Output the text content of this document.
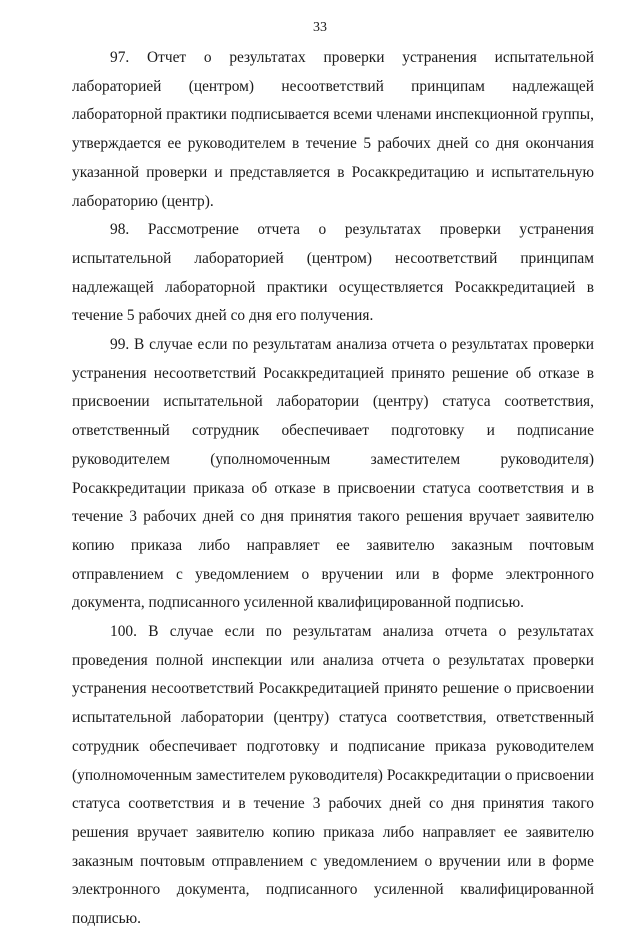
33

97. Отчет о результатах проверки устранения испытательной лабораторией (центром) несоответствий принципам надлежащей лабораторной практики подписывается всеми членами инспекционной группы, утверждается ее руководителем в течение 5 рабочих дней со дня окончания указанной проверки и представляется в Росаккредитацию и испытательную лабораторию (центр).

98. Рассмотрение отчета о результатах проверки устранения испытательной лабораторией (центром) несоответствий принципам надлежащей лабораторной практики осуществляется Росаккредитацией в течение 5 рабочих дней со дня его получения.

99. В случае если по результатам анализа отчета о результатах проверки устранения несоответствий Росаккредитацией принято решение об отказе в присвоении испытательной лаборатории (центру) статуса соответствия, ответственный сотрудник обеспечивает подготовку и подписание руководителем (уполномоченным заместителем руководителя) Росаккредитации приказа об отказе в присвоении статуса соответствия и в течение 3 рабочих дней со дня принятия такого решения вручает заявителю копию приказа либо направляет ее заявителю заказным почтовым отправлением с уведомлением о вручении или в форме электронного документа, подписанного усиленной квалифицированной подписью.

100. В случае если по результатам анализа отчета о результатах проведения полной инспекции или анализа отчета о результатах проверки устранения несоответствий Росаккредитацией принято решение о присвоении испытательной лаборатории (центру) статуса соответствия, ответственный сотрудник обеспечивает подготовку и подписание приказа руководителем (уполномоченным заместителем руководителя) Росаккредитации о присвоении статуса соответствия и в течение 3 рабочих дней со дня принятия такого решения вручает заявителю копию приказа либо направляет ее заявителю заказным почтовым отправлением с уведомлением о вручении или в форме электронного документа, подписанного усиленной квалифицированной подписью.
